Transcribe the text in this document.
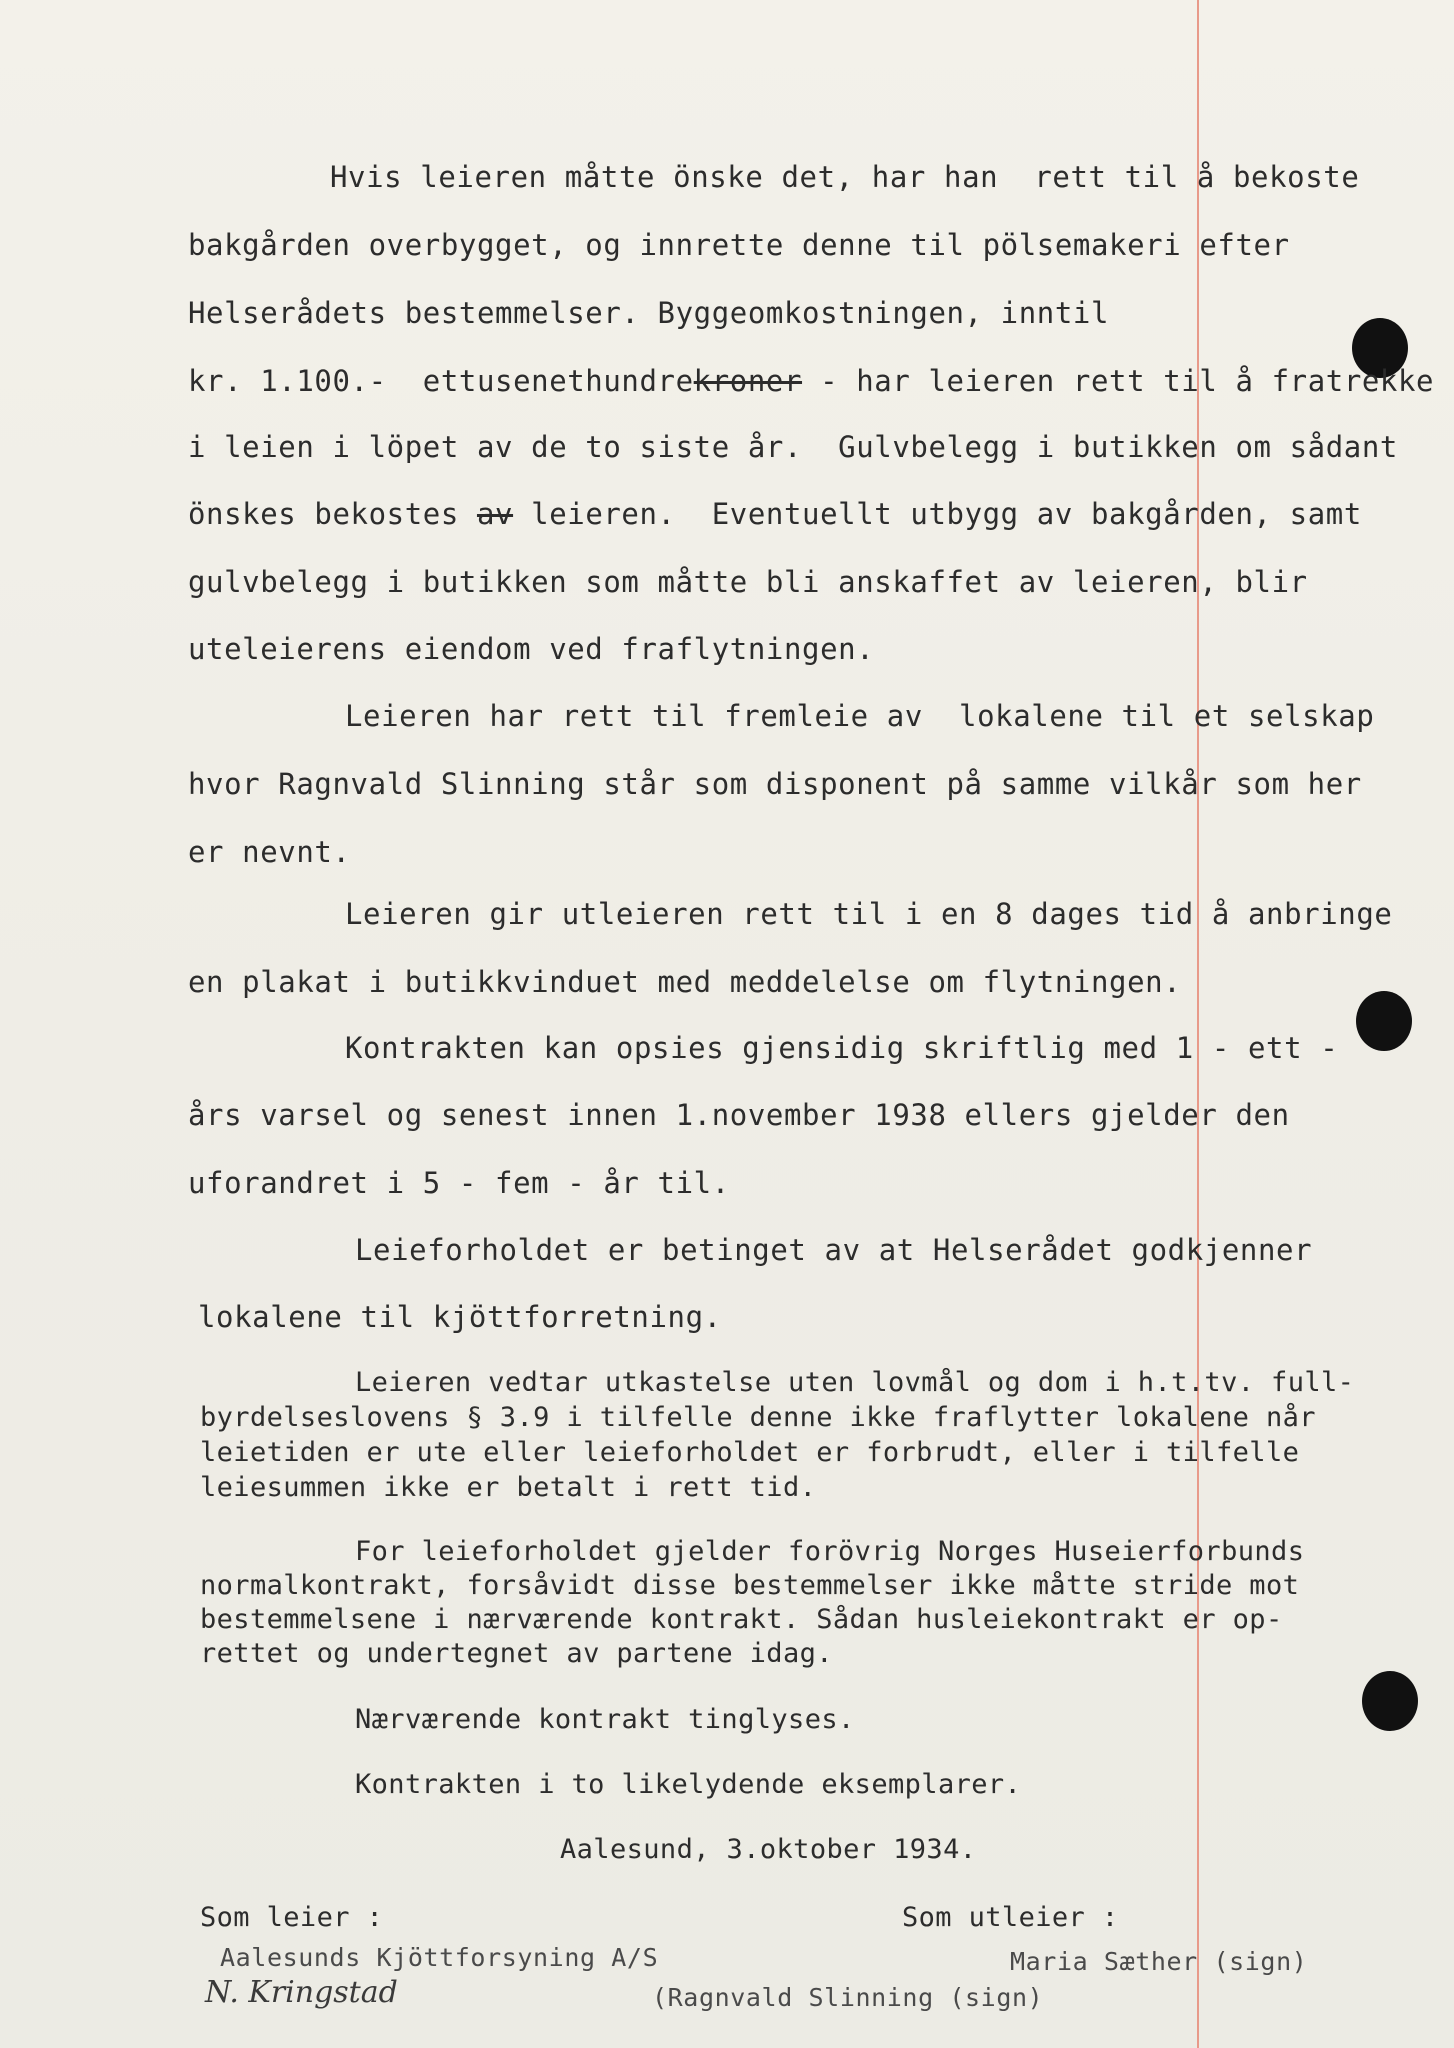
Hvis leieren måtte önske det, har han  rett til å bekoste
bakgården overbygget, og innrette denne til pölsemakeri efter
Helserådets bestemmelser. Byggeomkostningen, inntil
kr. 1.100.-  ettusenethundrekroner - har leieren rett til å fratrekke
i leien i löpet av de to siste år.  Gulvbelegg i butikken om sådant
önskes bekostes av leieren.  Eventuellt utbygg av bakgården, samt
gulvbelegg i butikken som måtte bli anskaffet av leieren, blir
uteleierens eiendom ved fraflytningen.
Leieren har rett til fremleie av  lokalene til et selskap
hvor Ragnvald Slinning står som disponent på samme vilkår som her
er nevnt.
Leieren gir utleieren rett til i en 8 dages tid å anbringe
en plakat i butikkvinduet med meddelelse om flytningen.
Kontrakten kan opsies gjensidig skriftlig med 1 - ett -
års varsel og senest innen 1.november 1938 ellers gjelder den
uforandret i 5 - fem - år til.
Leieforholdet er betinget av at Helserådet godkjenner
lokalene til kjöttforretning.
Leieren vedtar utkastelse uten lovmål og dom i h.t.tv. full-
byrdelseslovens § 3.9 i tilfelle denne ikke fraflytter lokalene når
leietiden er ute eller leieforholdet er forbrudt, eller i tilfelle
leiesummen ikke er betalt i rett tid.
For leieforholdet gjelder forövrig Norges Huseierforbunds
normalkontrakt, forsåvidt disse bestemmelser ikke måtte stride mot
bestemmelsene i nærværende kontrakt. Sådan husleiekontrakt er op-
rettet og undertegnet av partene idag.
Nærværende kontrakt tinglyses.
Kontrakten i to likelydende eksemplarer.
Aalesund, 3.oktober 1934.
Som leier :	Som utleier :
Aalesunds Kjöttforsyning A/S	Maria Sæther (sign)
N. Kringstad	(Ragnvald Slinning (sign)
